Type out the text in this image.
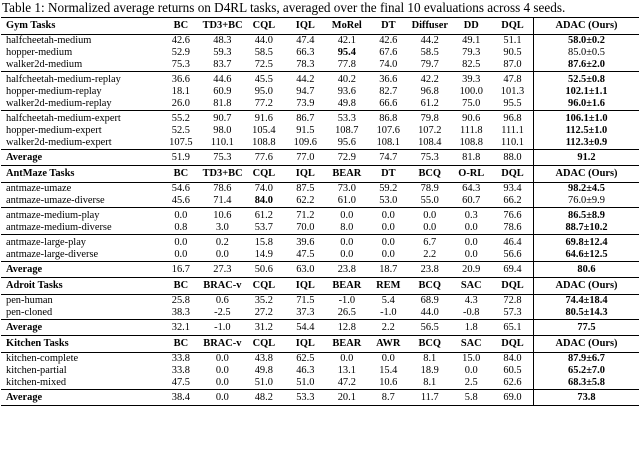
Table 1: Normalized average returns on D4RL tasks, averaged over the final 10 evaluations across 4 seeds.
Gym Tasks	BC	TD3+BC	CQL	IQL	MoRel	DT	Diffuser	DD	DQL	ADAC (Ours)
halfcheetah-medium	42.6	48.3	44.0	47.4	42.1	42.6	44.2	49.1	51.1	58.0±0.2
hopper-medium	52.9	59.3	58.5	66.3	95.4	67.6	58.5	79.3	90.5	85.0±0.5
walker2d-medium	75.3	83.7	72.5	78.3	77.8	74.0	79.7	82.5	87.0	87.6±2.0
halfcheetah-medium-replay	36.6	44.6	45.5	44.2	40.2	36.6	42.2	39.3	47.8	52.5±0.8
hopper-medium-replay	18.1	60.9	95.0	94.7	93.6	82.7	96.8	100.0	101.3	102.1±1.1
walker2d-medium-replay	26.0	81.8	77.2	73.9	49.8	66.6	61.2	75.0	95.5	96.0±1.6
halfcheetah-medium-expert	55.2	90.7	91.6	86.7	53.3	86.8	79.8	90.6	96.8	106.1±1.0
hopper-medium-expert	52.5	98.0	105.4	91.5	108.7	107.6	107.2	111.8	111.1	112.5±1.0
walker2d-medium-expert	107.5	110.1	108.8	109.6	95.6	108.1	108.4	108.8	110.1	112.3±0.9
Average	51.9	75.3	77.6	77.0	72.9	74.7	75.3	81.8	88.0	91.2
AntMaze Tasks	BC	TD3+BC	CQL	IQL	BEAR	DT	BCQ	O-RL	DQL	ADAC (Ours)
antmaze-umaze	54.6	78.6	74.0	87.5	73.0	59.2	78.9	64.3	93.4	98.2±4.5
antmaze-umaze-diverse	45.6	71.4	84.0	62.2	61.0	53.0	55.0	60.7	66.2	76.0±9.9
antmaze-medium-play	0.0	10.6	61.2	71.2	0.0	0.0	0.0	0.3	76.6	86.5±8.9
antmaze-medium-diverse	0.8	3.0	53.7	70.0	8.0	0.0	0.0	0.0	78.6	88.7±10.2
antmaze-large-play	0.0	0.2	15.8	39.6	0.0	0.0	6.7	0.0	46.4	69.8±12.4
antmaze-large-diverse	0.0	0.0	14.9	47.5	0.0	0.0	2.2	0.0	56.6	64.6±12.5
Average	16.7	27.3	50.6	63.0	23.8	18.7	23.8	20.9	69.4	80.6
Adroit Tasks	BC	BRAC-v	CQL	IQL	BEAR	REM	BCQ	SAC	DQL	ADAC (Ours)
pen-human	25.8	0.6	35.2	71.5	-1.0	5.4	68.9	4.3	72.8	74.4±18.4
pen-cloned	38.3	-2.5	27.2	37.3	26.5	-1.0	44.0	-0.8	57.3	80.5±14.3
Average	32.1	-1.0	31.2	54.4	12.8	2.2	56.5	1.8	65.1	77.5
Kitchen Tasks	BC	BRAC-v	CQL	IQL	BEAR	AWR	BCQ	SAC	DQL	ADAC (Ours)
kitchen-complete	33.8	0.0	43.8	62.5	0.0	0.0	8.1	15.0	84.0	87.9±6.7
kitchen-partial	33.8	0.0	49.8	46.3	13.1	15.4	18.9	0.0	60.5	65.2±7.0
kitchen-mixed	47.5	0.0	51.0	51.0	47.2	10.6	8.1	2.5	62.6	68.3±5.8
Average	38.4	0.0	48.2	53.3	20.1	8.7	11.7	5.8	69.0	73.8
